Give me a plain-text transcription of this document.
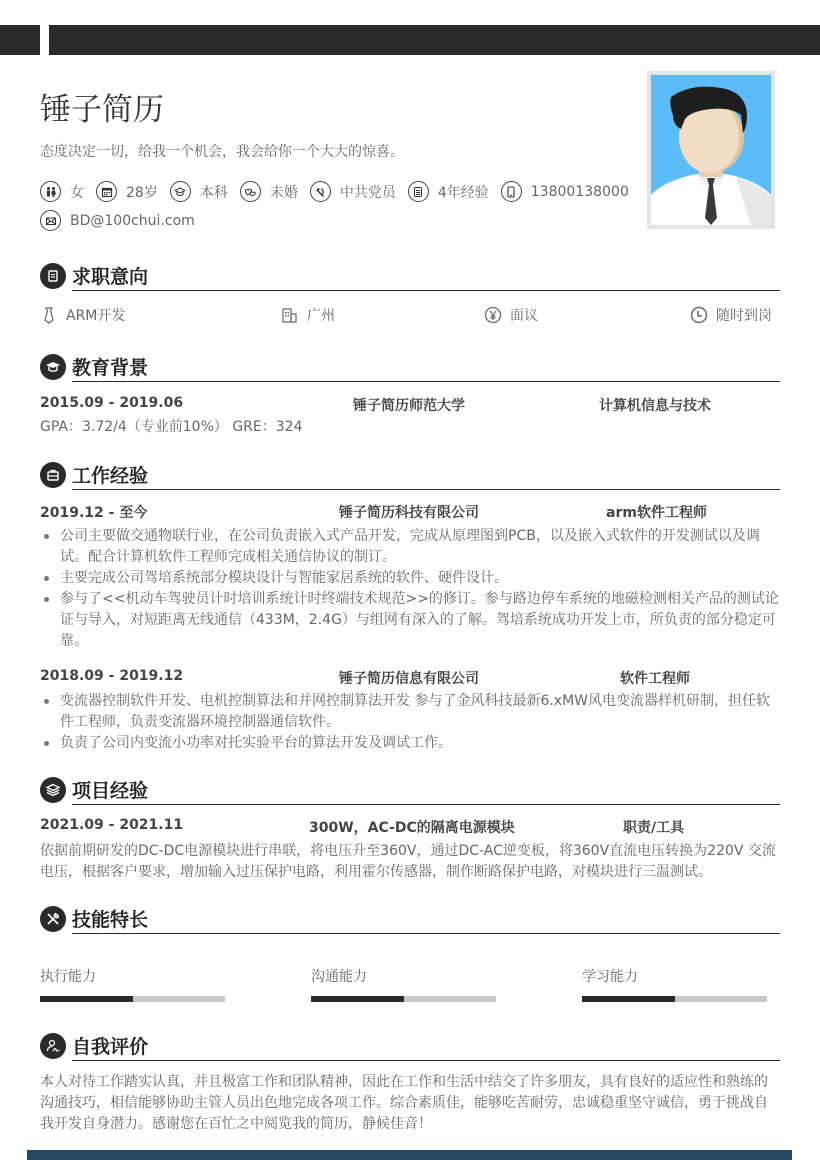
锤子简历
态度决定一切，给我一个机会，我会给你一个大大的惊喜。
女	28岁	本科	未婚	中共党员	4年经验	13800138000
BD@100chui.com
求职意向
ARM开发	广州	面议	随时到岗
教育背景
2015.09 - 2019.06	锤子简历师范大学	计算机信息与技术
GPA：3.72/4（专业前10%） GRE：324
工作经验
2019.12 - 至今	锤子简历科技有限公司	arm软件工程师
公司主要做交通物联行业，在公司负责嵌入式产品开发，完成从原理图到PCB，以及嵌入式软件的开发测试以及调试。配合计算机软件工程师完成相关通信协议的制订。
主要完成公司驾培系统部分模块设计与智能家居系统的软件、硬件设计。
参与了<<机动车驾驶员计时培训系统计时终端技术规范>>的修订。参与路边停车系统的地磁检测相关产品的测试论证与导入，对短距离无线通信（433M，2.4G）与组网有深入的了解。驾培系统成功开发上市，所负责的部分稳定可靠。
2018.09 - 2019.12	锤子简历信息有限公司	软件工程师
变流器控制软件开发、电机控制算法和并网控制算法开发 参与了金风科技最新6.xMW风电变流器样机研制，担任软件工程师，负责变流器环境控制器通信软件。
负责了公司内变流小功率对托实验平台的算法开发及调试工作。
项目经验
2021.09 - 2021.11	300W，AC-DC的隔离电源模块	职责/工具
依据前期研发的DC-DC电源模块进行串联，将电压升至360V，通过DC-AC逆变板，将360V直流电压转换为220V 交流电压，根据客户要求，增加输入过压保护电路，利用霍尔传感器，制作断路保护电路，对模块进行三温测试。
技能特长
执行能力	沟通能力	学习能力
自我评价
本人对待工作踏实认真，并且极富工作和团队精神，因此在工作和生活中结交了许多朋友，具有良好的适应性和熟练的沟通技巧，相信能够协助主管人员出色地完成各项工作。综合素质佳，能够吃苦耐劳，忠诚稳重坚守诚信，勇于挑战自我开发自身潜力。感谢您在百忙之中阅览我的简历，静候佳音！
